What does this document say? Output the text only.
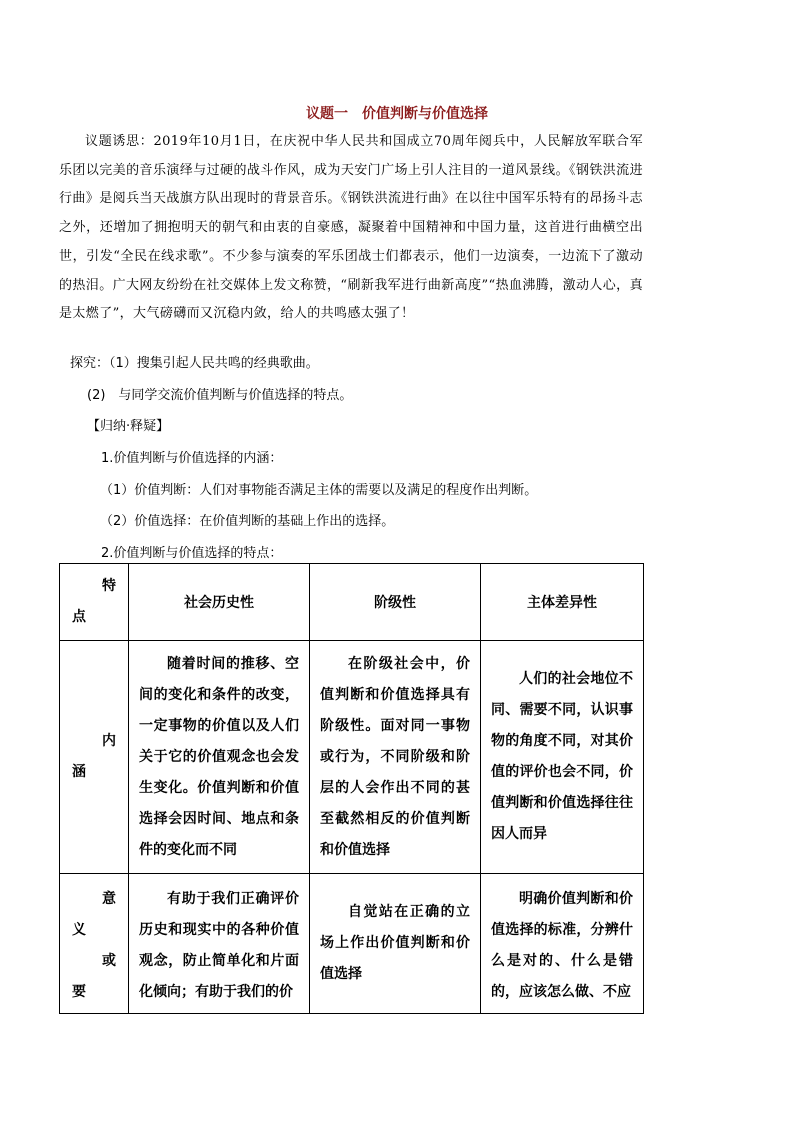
议题一　价值判断与价值选择
议题诱思：2019年10月1日，在庆祝中华人民共和国成立70周年阅兵中，人民解放军联合军乐团以完美的音乐演绎与过硬的战斗作风，成为天安门广场上引人注目的一道风景线。《钢铁洪流进行曲》是阅兵当天战旗方队出现时的背景音乐。《钢铁洪流进行曲》在以往中国军乐特有的昂扬斗志之外，还增加了拥抱明天的朝气和由衷的自豪感，凝聚着中国精神和中国力量，这首进行曲横空出世，引发“全民在线求歌”。不少参与演奏的军乐团战士们都表示，他们一边演奏，一边流下了激动的热泪。广大网友纷纷在社交媒体上发文称赞，“刷新我军进行曲新高度”“热血沸腾，激动人心，真是太燃了”，大气磅礴而又沉稳内敛，给人的共鸣感太强了！
探究：（1）搜集引起人民共鸣的经典歌曲。
(2)　与同学交流价值判断与价值选择的特点。
【归纳·释疑】
1.价值判断与价值选择的内涵：
（1）价值判断：人们对事物能否满足主体的需要以及满足的程度作出判断。
（2）价值选择：在价值判断的基础上作出的选择。
2.价值判断与价值选择的特点：
特
点	社会历史性	阶级性	主体差异性

内
涵	随着时间的推移、空间的变化和条件的改变，一定事物的价值以及人们关于它的价值观念也会发生变化。价值判断和价值选择会因时间、地点和条件的变化而不同	在阶级社会中，价值判断和价值选择具有阶级性。面对同一事物或行为，不同阶级和阶层的人会作出不同的甚至截然相反的价值判断和价值选择	人们的社会地位不同、需要不同，认识事物的角度不同，对其价值的评价也会不同，价值判断和价值选择往往因人而异

意
义
或
要	有助于我们正确评价历史和现实中的各种价值观念，防止简单化和片面化倾向；有助于我们的价	自觉站在正确的立场上作出价值判断和价值选择	明确价值判断和价值选择的标准，分辨什么是对的、什么是错的，应该怎么做、不应
